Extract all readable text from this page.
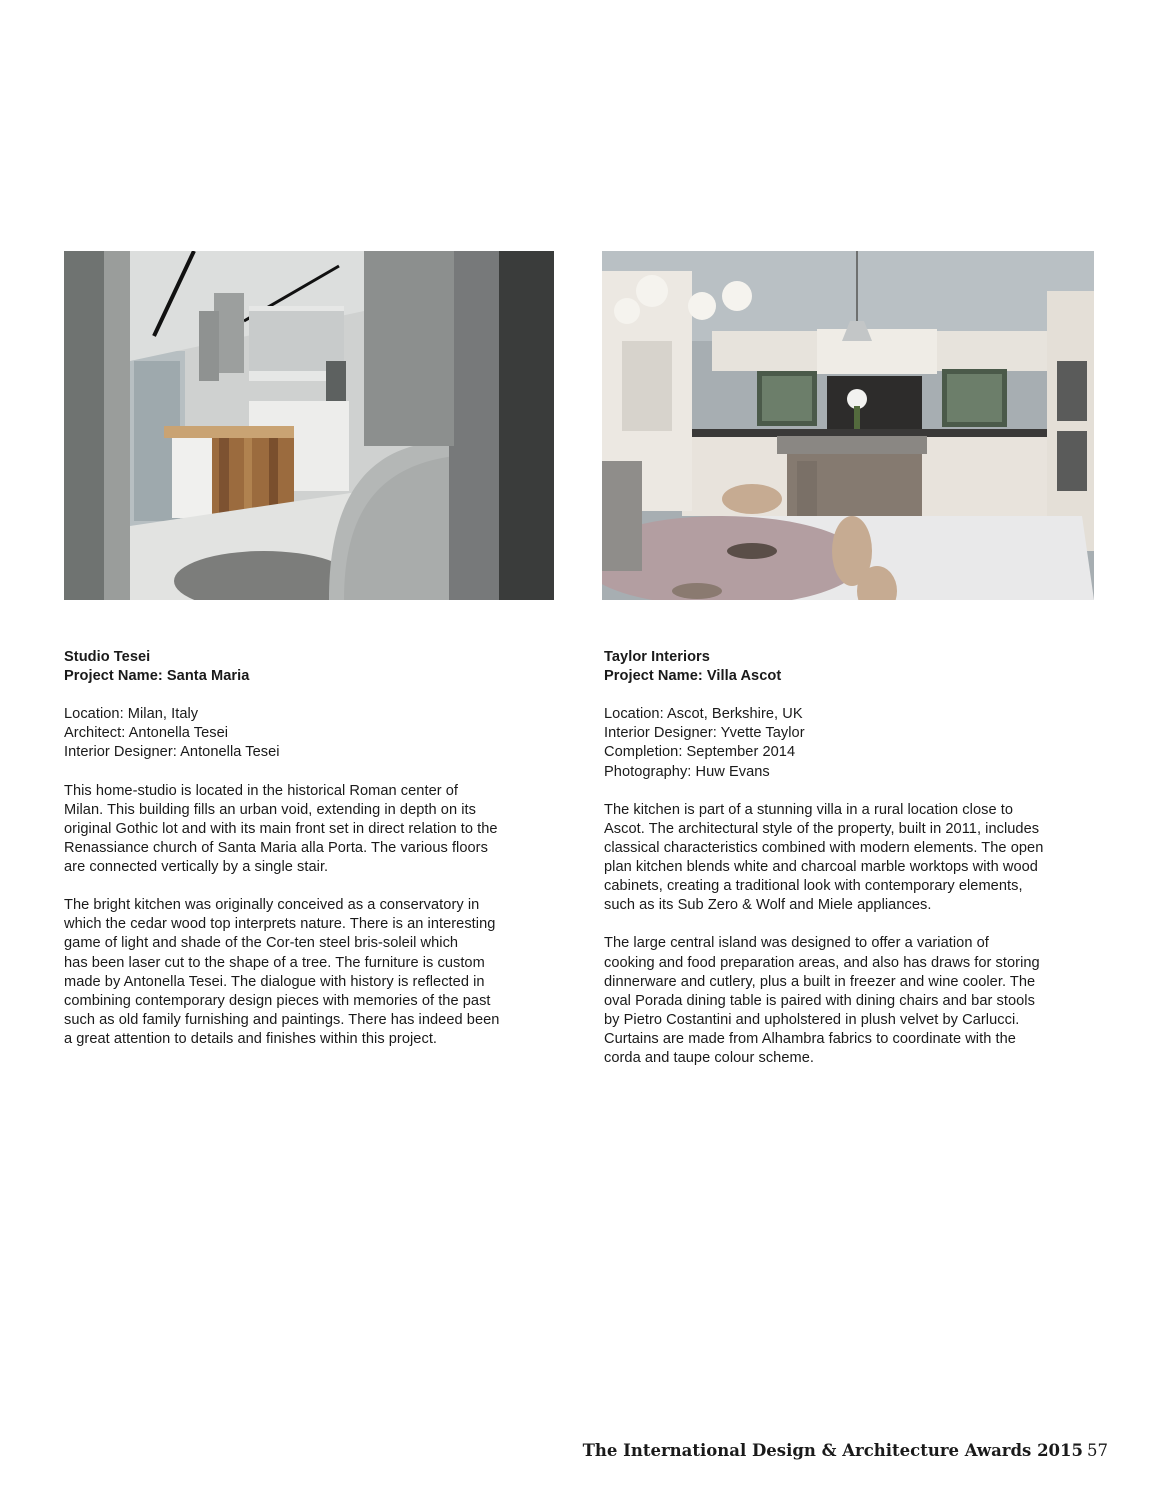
Studio Tesei

Project Name: Santa Maria

Location: Milan, Italy

Architect: Antonella Tesei

Interior Designer: Antonella Tesei

This home-studio is located in the historical Roman center of

Milan. This building fills an urban void, extending in depth on its

original Gothic lot and with its main front set in direct relation to the

Renassiance church of Santa Maria alla Porta. The various floors

are connected vertically by a single stair.

The bright kitchen was originally conceived as a conservatory in

which the cedar wood top interprets nature. There is an interesting

game of light and shade of the Cor-ten steel bris-soleil which

has been laser cut to the shape of a tree. The furniture is custom

made by Antonella Tesei. The dialogue with history is reflected in

combining contemporary design pieces with memories of the past

such as old family furnishing and paintings. There has indeed been

a great attention to details and finishes within this project.

Taylor Interiors

Project Name: Villa Ascot

Location: Ascot, Berkshire, UK

Interior Designer: Yvette Taylor

Completion: September 2014

Photography: Huw Evans

The kitchen is part of a stunning villa in a rural location close to

Ascot. The architectural style of the property, built in 2011, includes

classical characteristics combined with modern elements. The open

plan kitchen blends white and charcoal marble worktops with wood

cabinets, creating a traditional look with contemporary elements,

such as its Sub Zero & Wolf and Miele appliances.

The large central island was designed to offer a variation of

cooking and food preparation areas, and also has draws for storing

dinnerware and cutlery, plus a built in freezer and wine cooler. The

oval Porada dining table is paired with dining chairs and bar stools

by Pietro Costantini and upholstered in plush velvet by Carlucci.

Curtains are made from Alhambra fabrics to coordinate with the

corda and taupe colour scheme.

The International Design & Architecture Awards 2015 57
